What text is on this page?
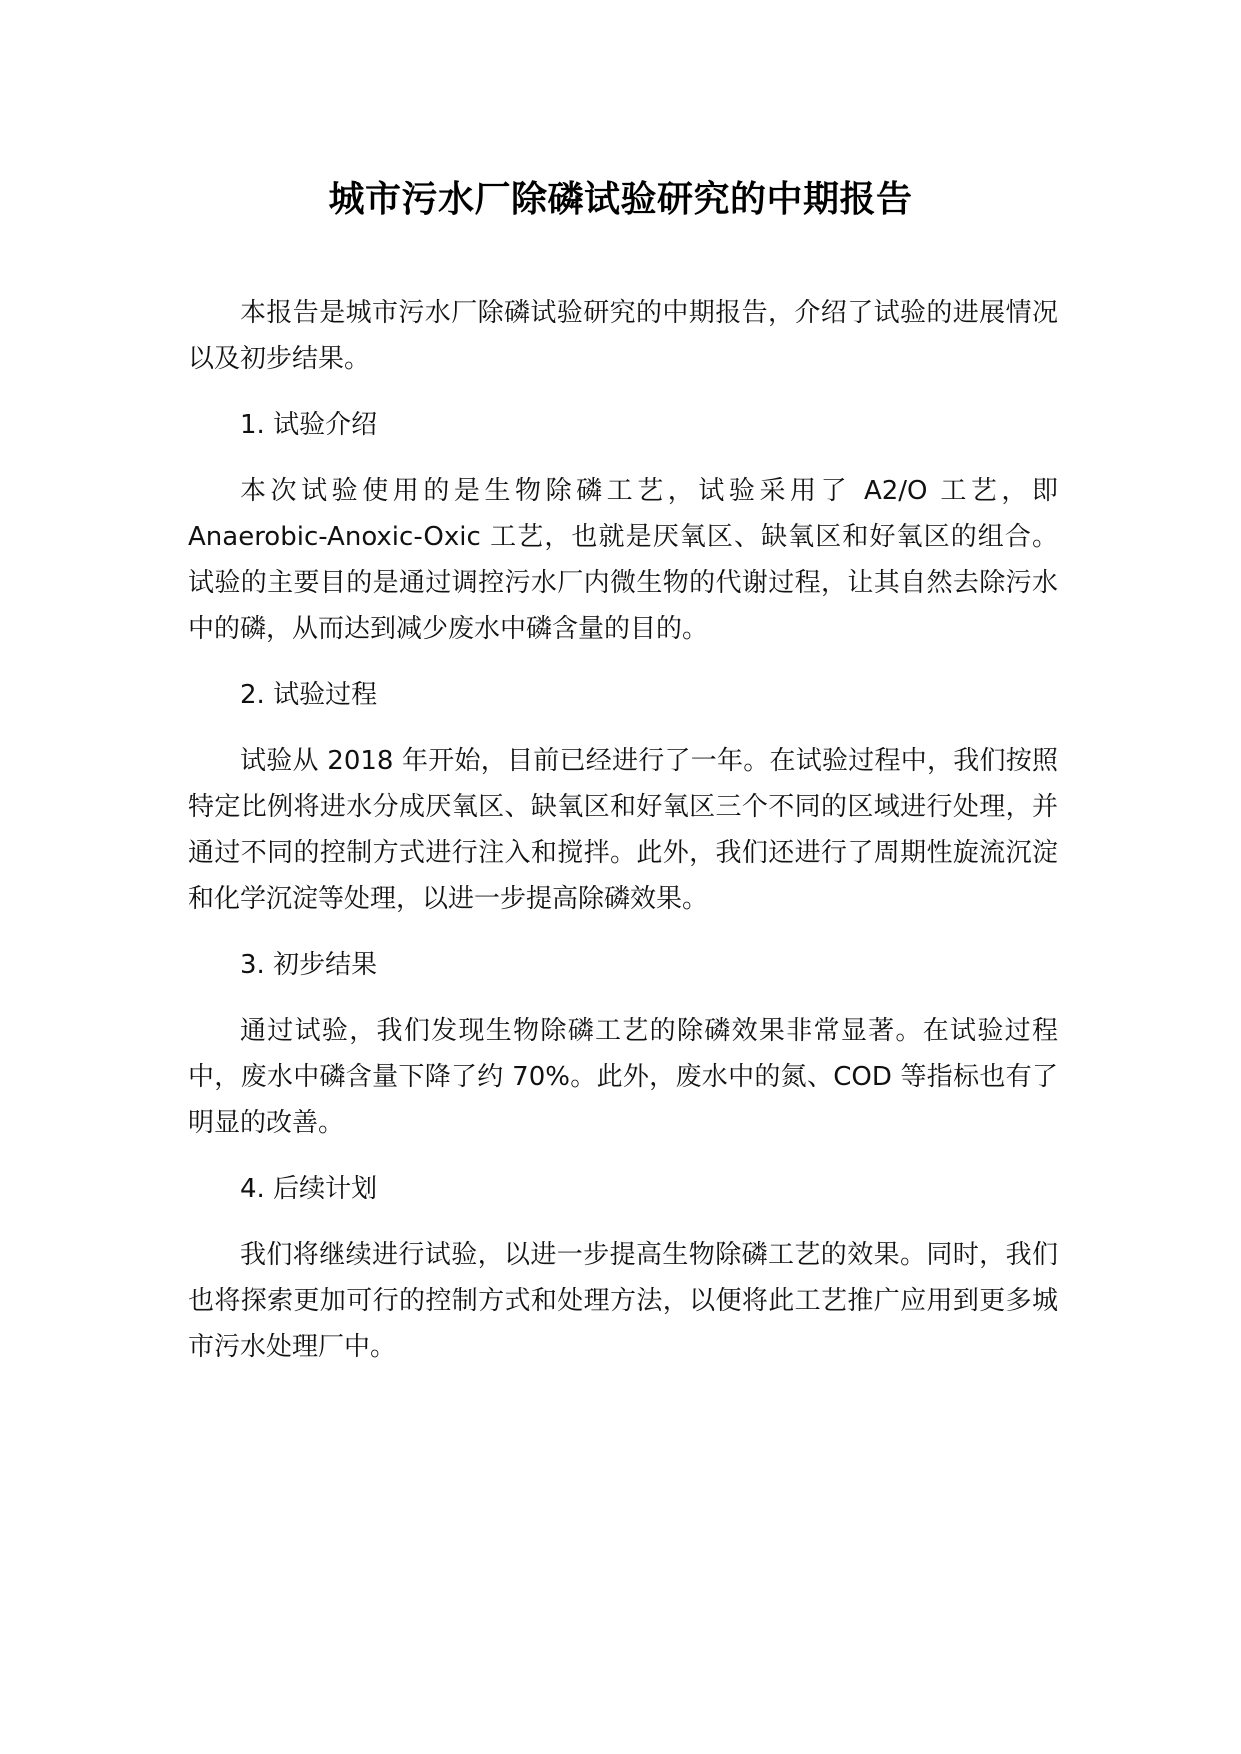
城市污水厂除磷试验研究的中期报告

本报告是城市污水厂除磷试验研究的中期报告，介绍了试验的进展情况以及初步结果。

1. 试验介绍

本次试验使用的是生物除磷工艺，试验采用了 A2/O 工艺，即 Anaerobic-Anoxic-Oxic 工艺，也就是厌氧区、缺氧区和好氧区的组合。试验的主要目的是通过调控污水厂内微生物的代谢过程，让其自然去除污水中的磷，从而达到减少废水中磷含量的目的。

2. 试验过程

试验从 2018 年开始，目前已经进行了一年。在试验过程中，我们按照特定比例将进水分成厌氧区、缺氧区和好氧区三个不同的区域进行处理，并通过不同的控制方式进行注入和搅拌。此外，我们还进行了周期性旋流沉淀和化学沉淀等处理，以进一步提高除磷效果。

3. 初步结果

通过试验，我们发现生物除磷工艺的除磷效果非常显著。在试验过程中，废水中磷含量下降了约 70%。此外，废水中的氮、COD 等指标也有了明显的改善。

4. 后续计划

我们将继续进行试验，以进一步提高生物除磷工艺的效果。同时，我们也将探索更加可行的控制方式和处理方法，以便将此工艺推广应用到更多城市污水处理厂中。
